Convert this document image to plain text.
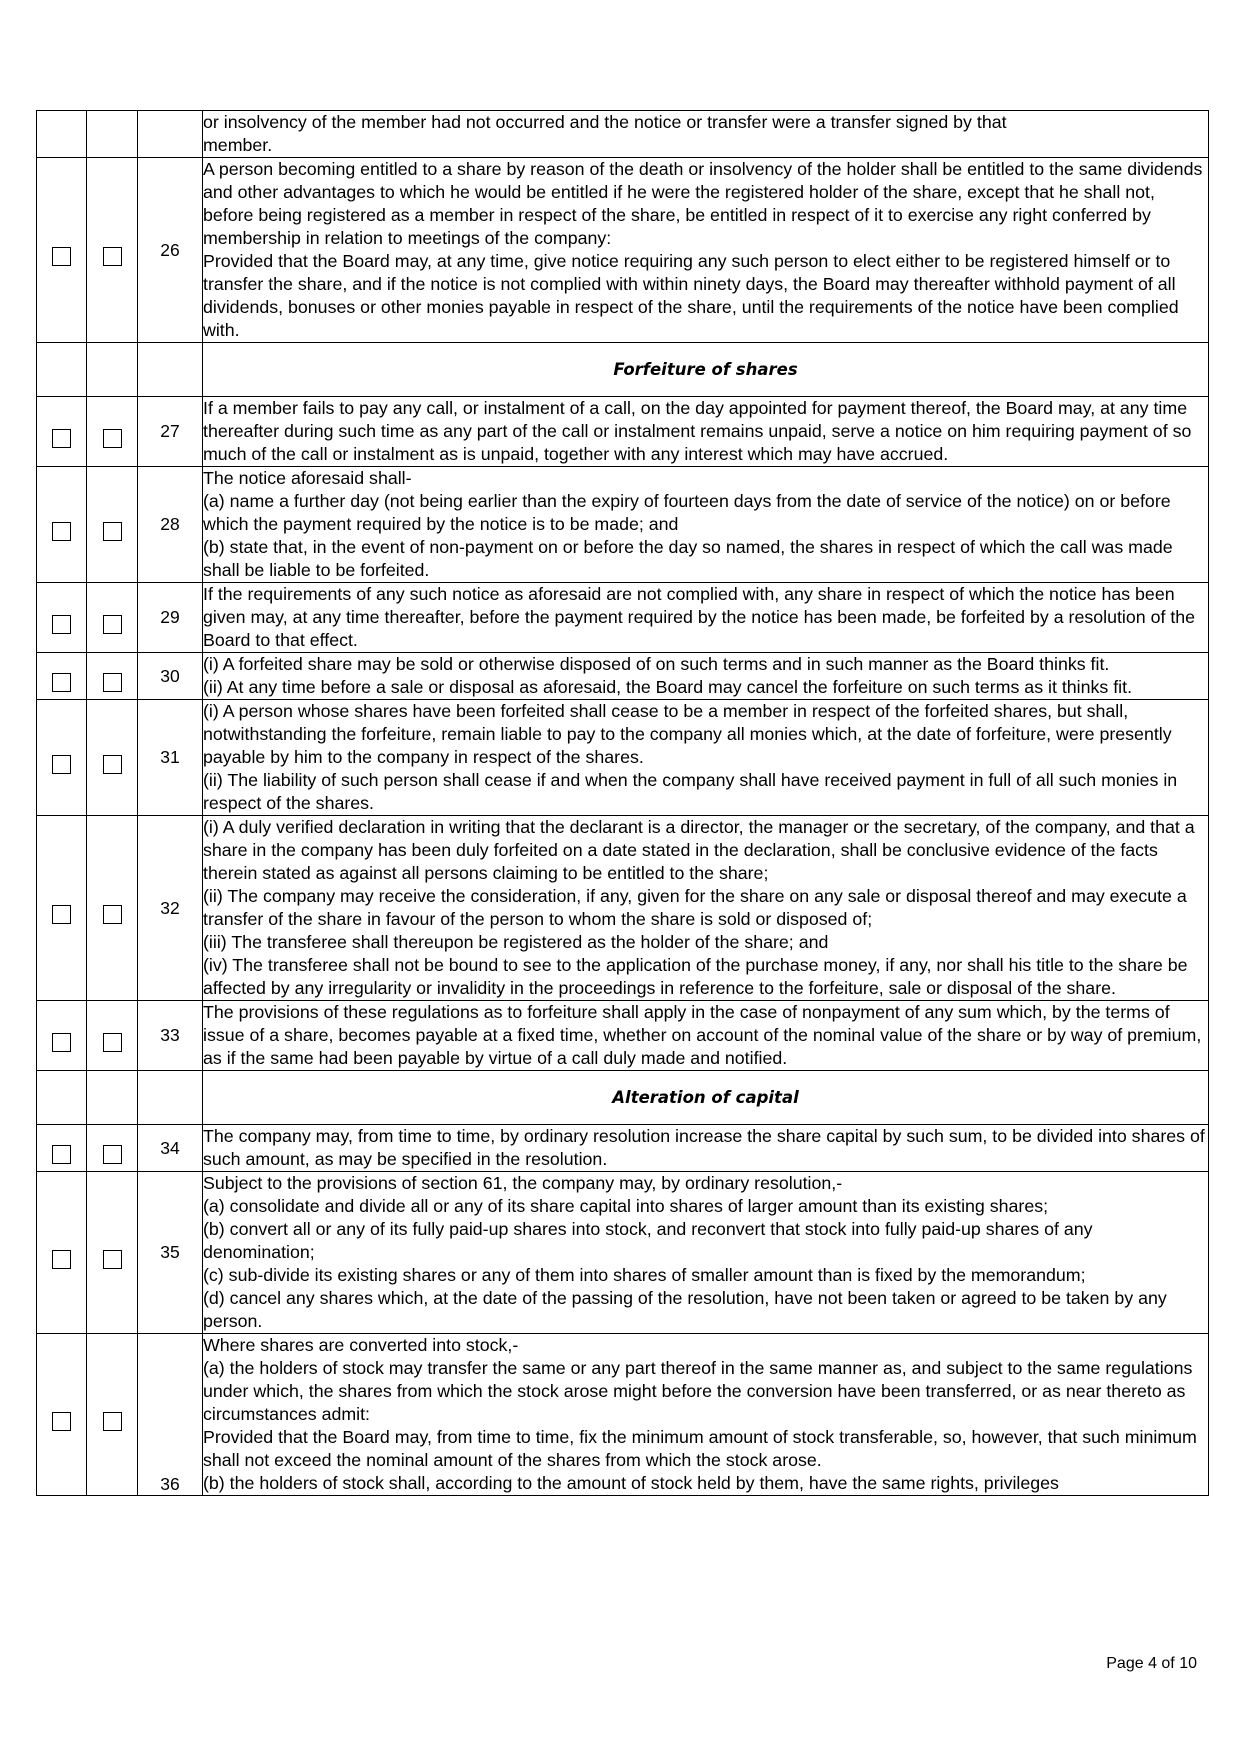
			or insolvency of the member had not occurred and the notice or transfer were a transfer signed by that
member.
		26	A person becoming entitled to a share by reason of the death or insolvency of the holder shall be entitled to the same dividends and other advantages to which he would be entitled if he were the registered holder of the share, except that he shall not, before being registered as a member in respect of the share, be entitled in respect of it to exercise any right conferred by membership in relation to meetings of the company:
Provided that the Board may, at any time, give notice requiring any such person to elect either to be registered himself or to transfer the share, and if the notice is not complied with within ninety days, the Board may thereafter withhold payment of all dividends, bonuses or other monies payable in respect of the share, until the requirements of the notice have been complied with.
			Forfeiture of shares
		27	If a member fails to pay any call, or instalment of a call, on the day appointed for payment thereof, the Board may, at any time thereafter during such time as any part of the call or instalment remains unpaid, serve a notice on him requiring payment of so much of the call or instalment as is unpaid, together with any interest which may have accrued.
		28	The notice aforesaid shall-
(a) name a further day (not being earlier than the expiry of fourteen days from the date of service of the notice) on or before which the payment required by the notice is to be made; and
(b) state that, in the event of non-payment on or before the day so named, the shares in respect of which the call was made shall be liable to be forfeited.
		29	If the requirements of any such notice as aforesaid are not complied with, any share in respect of which the notice has been given may, at any time thereafter, before the payment required by the notice has been made, be forfeited by a resolution of the Board to that effect.
		30	(i) A forfeited share may be sold or otherwise disposed of on such terms and in such manner as the Board thinks fit.
(ii) At any time before a sale or disposal as aforesaid, the Board may cancel the forfeiture on such terms as it thinks fit.
		31	(i) A person whose shares have been forfeited shall cease to be a member in respect of the forfeited shares, but shall, notwithstanding the forfeiture, remain liable to pay to the company all monies which, at the date of forfeiture, were presently payable by him to the company in respect of the shares.
(ii) The liability of such person shall cease if and when the company shall have received payment in full of all such monies in respect of the shares.
		32	(i) A duly verified declaration in writing that the declarant is a director, the manager or the secretary, of the company, and that a share in the company has been duly forfeited on a date stated in the declaration, shall be conclusive evidence of the facts therein stated as against all persons claiming to be entitled to the share;
(ii) The company may receive the consideration, if any, given for the share on any sale or disposal thereof and may execute a transfer of the share in favour of the person to whom the share is sold or disposed of;
(iii) The transferee shall thereupon be registered as the holder of the share; and
(iv) The transferee shall not be bound to see to the application of the purchase money, if any, nor shall his title to the share be affected by any irregularity or invalidity in the proceedings in reference to the forfeiture, sale or disposal of the share.
		33	The provisions of these regulations as to forfeiture shall apply in the case of nonpayment of any sum which, by the terms of issue of a share, becomes payable at a fixed time, whether on account of the nominal value of the share or by way of premium, as if the same had been payable by virtue of a call duly made and notified.
			Alteration of capital
		34	The company may, from time to time, by ordinary resolution increase the share capital by such sum, to be divided into shares of such amount, as may be specified in the resolution.
		35	Subject to the provisions of section 61, the company may, by ordinary resolution,-
(a) consolidate and divide all or any of its share capital into shares of larger amount than its existing shares;
(b) convert all or any of its fully paid-up shares into stock, and reconvert that stock into fully paid-up shares of any denomination;
(c) sub-divide its existing shares or any of them into shares of smaller amount than is fixed by the memorandum;
(d) cancel any shares which, at the date of the passing of the resolution, have not been taken or agreed to be taken by any person.
		36	Where shares are converted into stock,-
(a) the holders of stock may transfer the same or any part thereof in the same manner as, and subject to the same regulations under which, the shares from which the stock arose might before the conversion have been transferred, or as near thereto as circumstances admit:
Provided that the Board may, from time to time, fix the minimum amount of stock transferable, so, however, that such minimum shall not exceed the nominal amount of the shares from which the stock arose.
(b) the holders of stock shall, according to the amount of stock held by them, have the same rights, privileges
Page 4 of 10
